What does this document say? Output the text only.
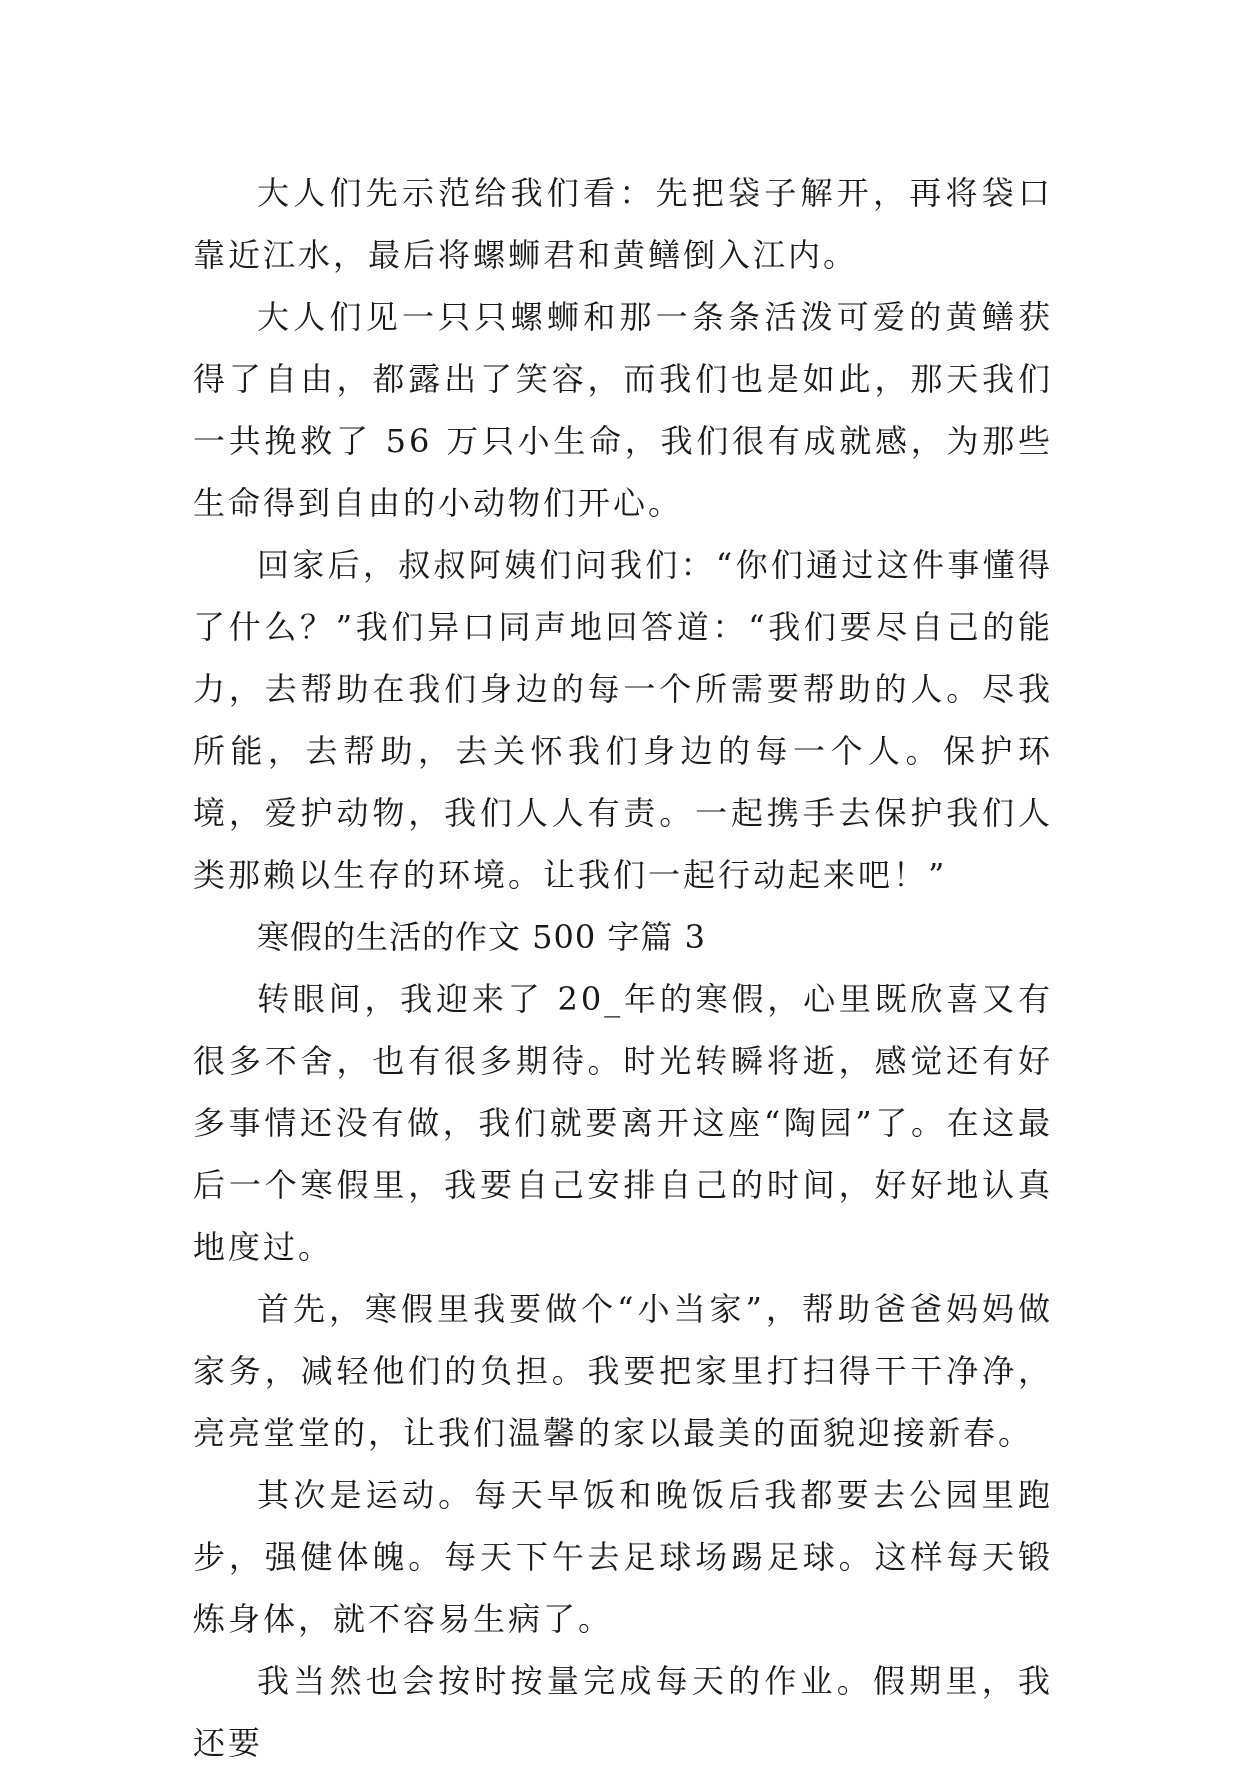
大人们先示范给我们看：先把袋子解开，再将袋口靠近江水，最后将螺蛳君和黄鳝倒入江内。

大人们见一只只螺蛳和那一条条活泼可爱的黄鳝获得了自由，都露出了笑容，而我们也是如此，那天我们一共挽救了 56 万只小生命，我们很有成就感，为那些生命得到自由的小动物们开心。

回家后，叔叔阿姨们问我们：“你们通过这件事懂得了什么？”我们异口同声地回答道：“我们要尽自己的能力，去帮助在我们身边的每一个所需要帮助的人。尽我所能，去帮助，去关怀我们身边的每一个人。保护环境，爱护动物，我们人人有责。一起携手去保护我们人类那赖以生存的环境。让我们一起行动起来吧！”

寒假的生活的作文 500 字篇 3

转眼间，我迎来了 20_年的寒假，心里既欣喜又有很多不舍，也有很多期待。时光转瞬将逝，感觉还有好多事情还没有做，我们就要离开这座“陶园”了。在这最后一个寒假里，我要自己安排自己的时间，好好地认真地度过。

首先，寒假里我要做个“小当家”，帮助爸爸妈妈做家务，减轻他们的负担。我要把家里打扫得干干净净，亮亮堂堂的，让我们温馨的家以最美的面貌迎接新春。

其次是运动。每天早饭和晚饭后我都要去公园里跑步，强健体魄。每天下午去足球场踢足球。这样每天锻炼身体，就不容易生病了。

我当然也会按时按量完成每天的作业。假期里，我还要
